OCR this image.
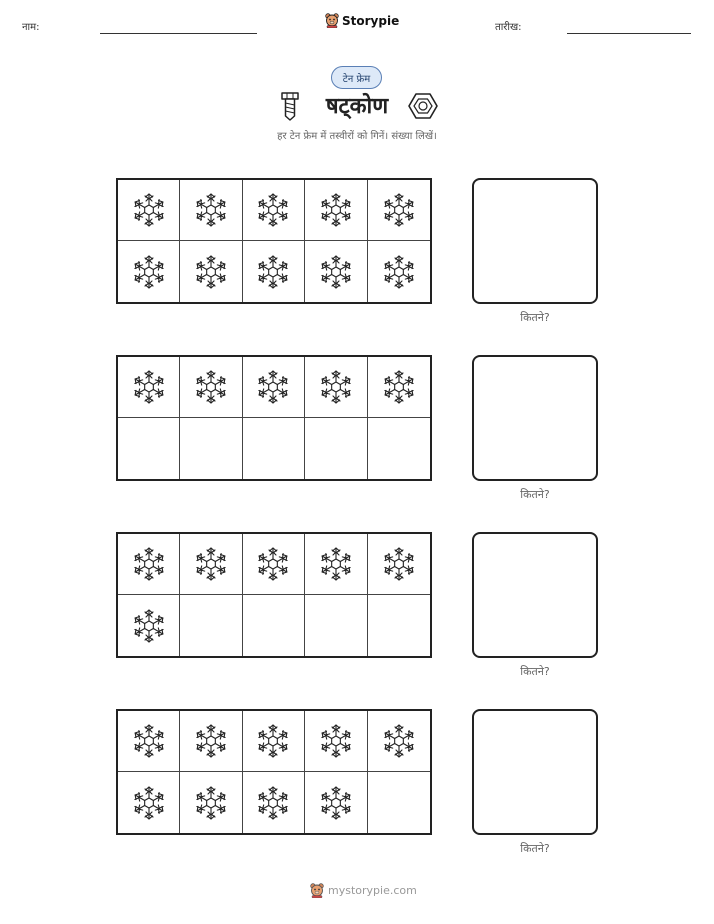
नाम:	Storypie	तारीख:
टेन फ्रेम
षट्कोण
हर टेन फ्रेम में तस्वीरों को गिनें। संख्या लिखें।
कितने?
कितने?
कितने?
कितने?
mystorypie.com
